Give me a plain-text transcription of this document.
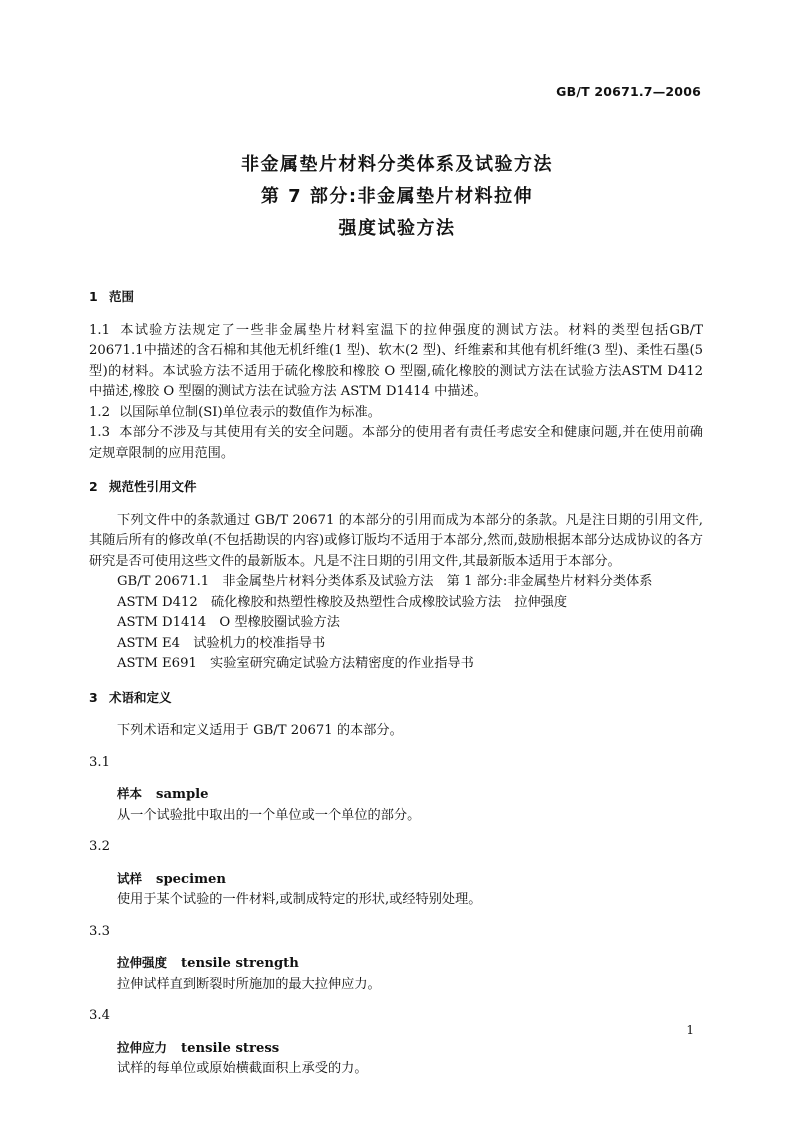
GB/T 20671.7—2006
非金属垫片材料分类体系及试验方法
第 7 部分:非金属垫片材料拉伸
强度试验方法
1 范围

1.1 本试验方法规定了一些非金属垫片材料室温下的拉伸强度的测试方法。材料的类型包括GB/T 20671.1中描述的含石棉和其他无机纤维(1 型)、软木(2 型)、纤维素和其他有机纤维(3 型)、柔性石墨(5 型)的材料。本试验方法不适用于硫化橡胶和橡胶 O 型圈,硫化橡胶的测试方法在试验方法ASTM D412 中描述,橡胶 O 型圈的测试方法在试验方法 ASTM D1414 中描述。

1.2 以国际单位制(SI)单位表示的数值作为标准。

1.3 本部分不涉及与其使用有关的安全问题。本部分的使用者有责任考虑安全和健康问题,并在使用前确定规章限制的应用范围。

2 规范性引用文件

下列文件中的条款通过 GB/T 20671 的本部分的引用而成为本部分的条款。凡是注日期的引用文件,其随后所有的修改单(不包括勘误的内容)或修订版均不适用于本部分,然而,鼓励根据本部分达成协议的各方研究是否可使用这些文件的最新版本。凡是不注日期的引用文件,其最新版本适用于本部分。

GB/T 20671.1　 非金属垫片材料分类体系及试验方法　第 1 部分:非金属垫片材料分类体系

ASTM D412　 硫化橡胶和热塑性橡胶及热塑性合成橡胶试验方法　拉伸强度

ASTM D1414　 O 型橡胶圈试验方法

ASTM E4　 试验机力的校准指导书

ASTM E691　 实验室研究确定试验方法精密度的作业指导书

3 术语和定义

下列术语和定义适用于 GB/T 20671 的本部分。

3.1

样本 sample

从一个试验批中取出的一个单位或一个单位的部分。

3.2

试样 specimen

使用于某个试验的一件材料,或制成特定的形状,或经特别处理。

3.3

拉伸强度 tensile strength

拉伸试样直到断裂时所施加的最大拉伸应力。

3.4

拉伸应力 tensile stress

试样的每单位或原始横截面积上承受的力。

1
